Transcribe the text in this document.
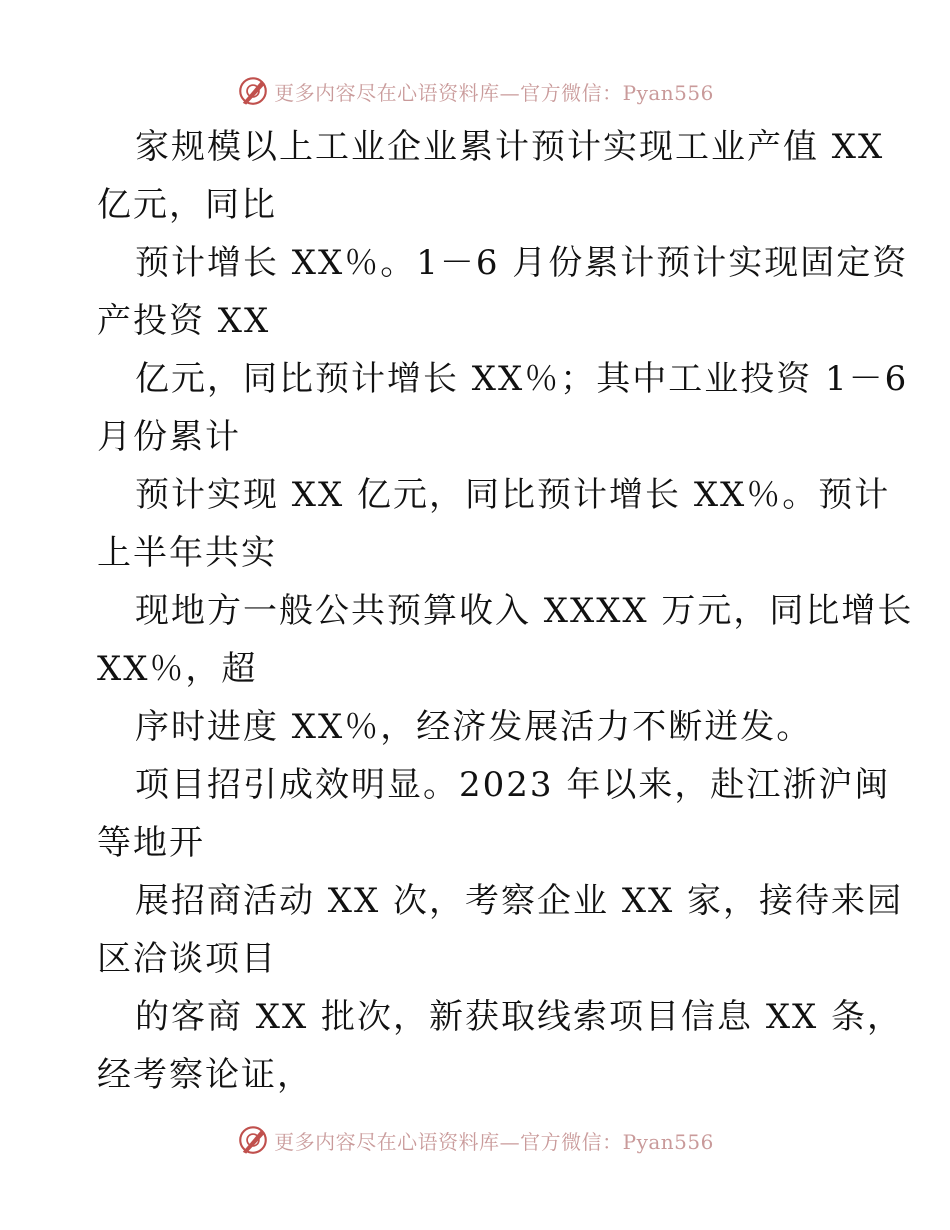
更多内容尽在心语资料库—官方微信：Pyan556
家规模以上工业企业累计预计实现工业产值 XX
亿元，同比
预计增长 XX％。1－6 月份累计预计实现固定资
产投资 XX
亿元，同比预计增长 XX％；其中工业投资 1－6
月份累计
预计实现 XX 亿元，同比预计增长 XX％。预计
上半年共实
现地方一般公共预算收入 XXXX 万元，同比增长
XX％，超
序时进度 XX％，经济发展活力不断迸发。
项目招引成效明显。2023 年以来，赴江浙沪闽
等地开
展招商活动 XX 次，考察企业 XX 家，接待来园
区洽谈项目
的客商 XX 批次，新获取线索项目信息 XX 条，
经考察论证，
更多内容尽在心语资料库—官方微信：Pyan556
